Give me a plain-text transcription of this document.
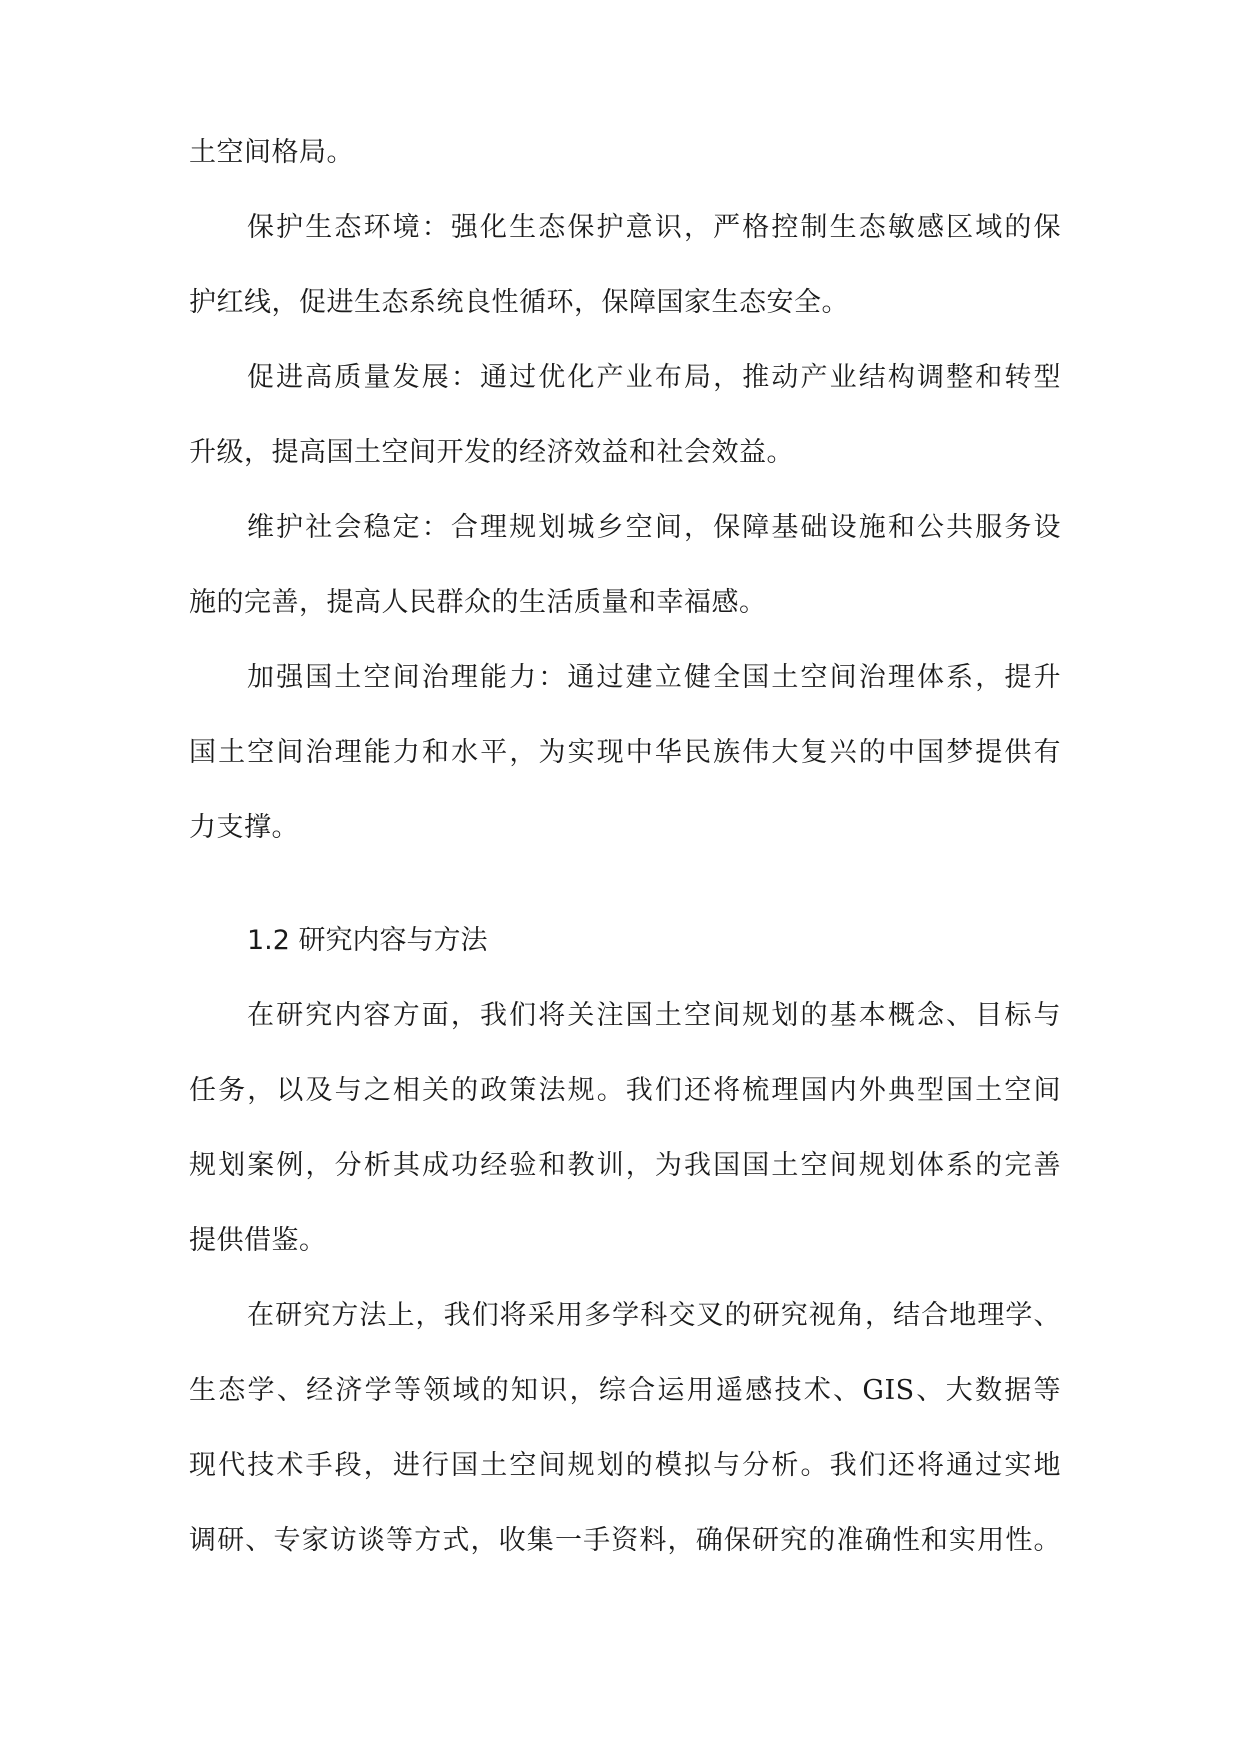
土空间格局。
保护生态环境：强化生态保护意识，严格控制生态敏感区域的保
护红线，促进生态系统良性循环，保障国家生态安全。
促进高质量发展：通过优化产业布局，推动产业结构调整和转型
升级，提高国土空间开发的经济效益和社会效益。
维护社会稳定：合理规划城乡空间，保障基础设施和公共服务设
施的完善，提高人民群众的生活质量和幸福感。
加强国土空间治理能力：通过建立健全国土空间治理体系，提升
国土空间治理能力和水平，为实现中华民族伟大复兴的中国梦提供有
力支撑。
1.2 研究内容与方法
在研究内容方面，我们将关注国土空间规划的基本概念、目标与
任务，以及与之相关的政策法规。我们还将梳理国内外典型国土空间
规划案例，分析其成功经验和教训，为我国国土空间规划体系的完善
提供借鉴。
在研究方法上，我们将采用多学科交叉的研究视角，结合地理学、
生态学、经济学等领域的知识，综合运用遥感技术、GIS、大数据等
现代技术手段，进行国土空间规划的模拟与分析。我们还将通过实地
调研、专家访谈等方式，收集一手资料，确保研究的准确性和实用性。
